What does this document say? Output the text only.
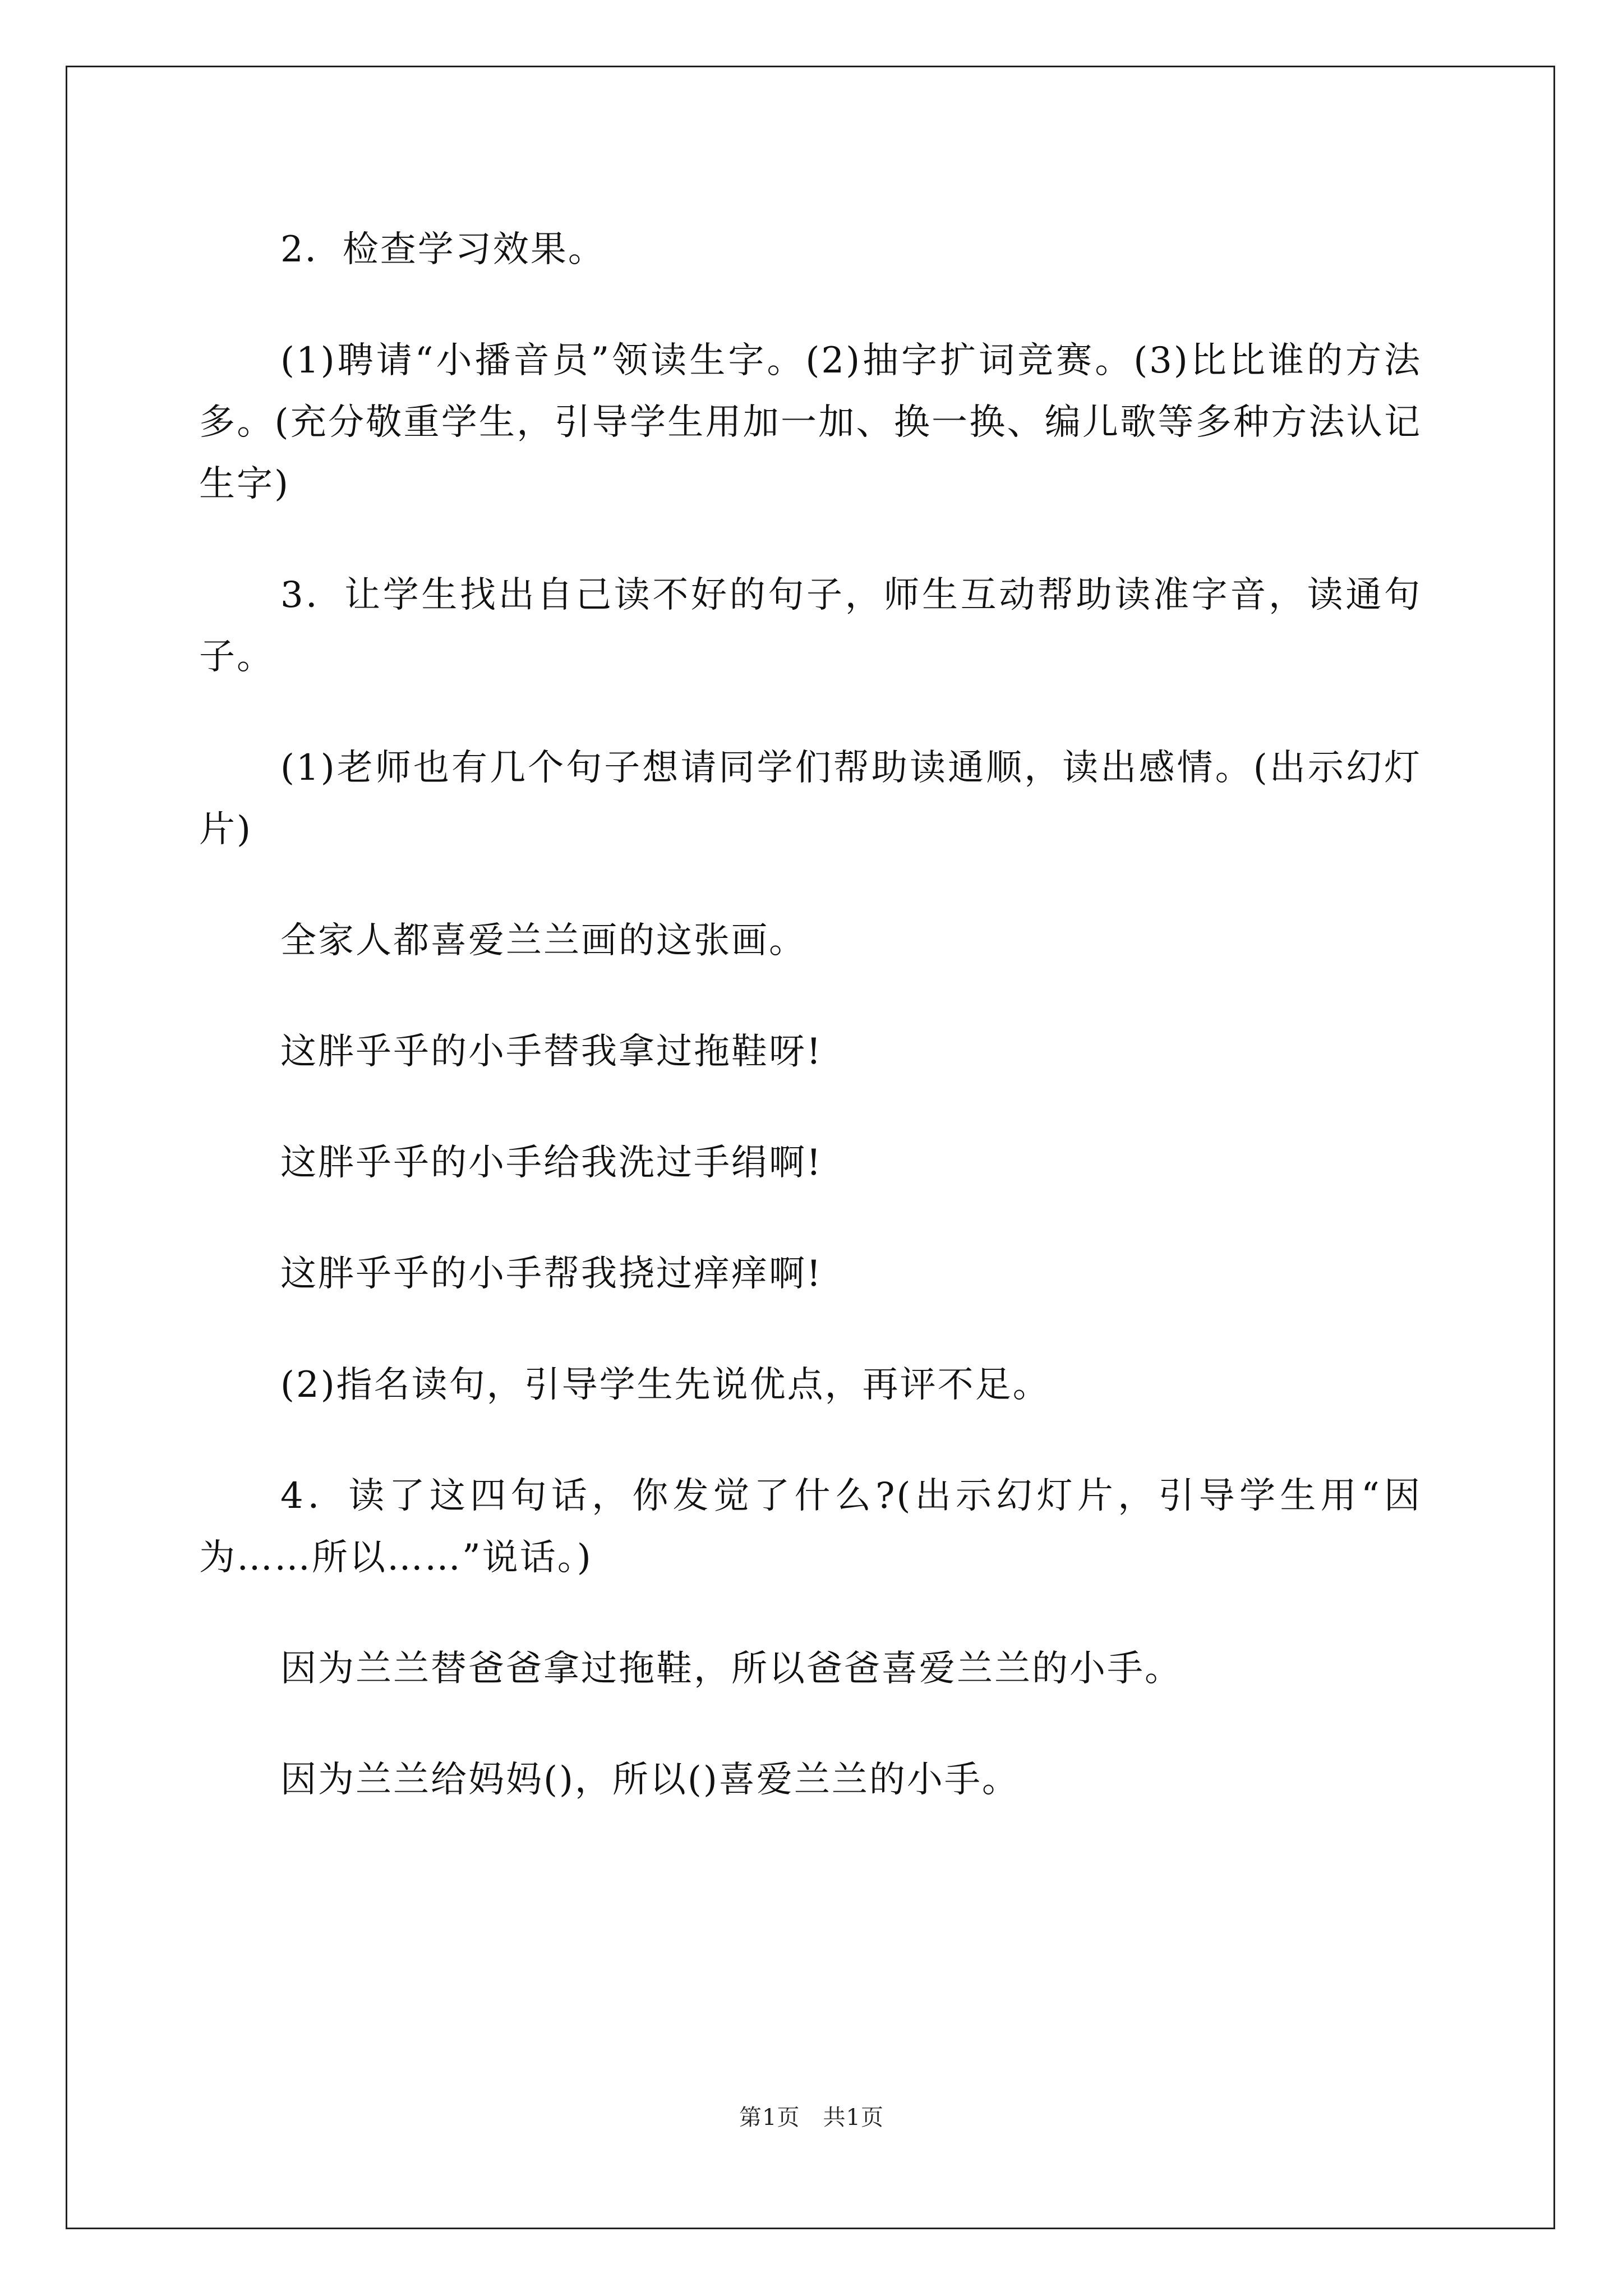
2．检查学习效果。

(1)聘请“小播音员”领读生字。(2)抽字扩词竞赛。(3)比比谁的方法多。(充分敬重学生，引导学生用加一加、换一换、编儿歌等多种方法认记生字)

3．让学生找出自己读不好的句子，师生互动帮助读准字音，读通句子。

(1)老师也有几个句子想请同学们帮助读通顺，读出感情。(出示幻灯片)

全家人都喜爱兰兰画的这张画。

这胖乎乎的小手替我拿过拖鞋呀!

这胖乎乎的小手给我洗过手绢啊!

这胖乎乎的小手帮我挠过痒痒啊!

(2)指名读句，引导学生先说优点，再评不足。

4．读了这四句话，你发觉了什么?(出示幻灯片，引导学生用“因为……所以……”说话。)

因为兰兰替爸爸拿过拖鞋，所以爸爸喜爱兰兰的小手。

因为兰兰给妈妈()，所以()喜爱兰兰的小手。

第1页　共1页
